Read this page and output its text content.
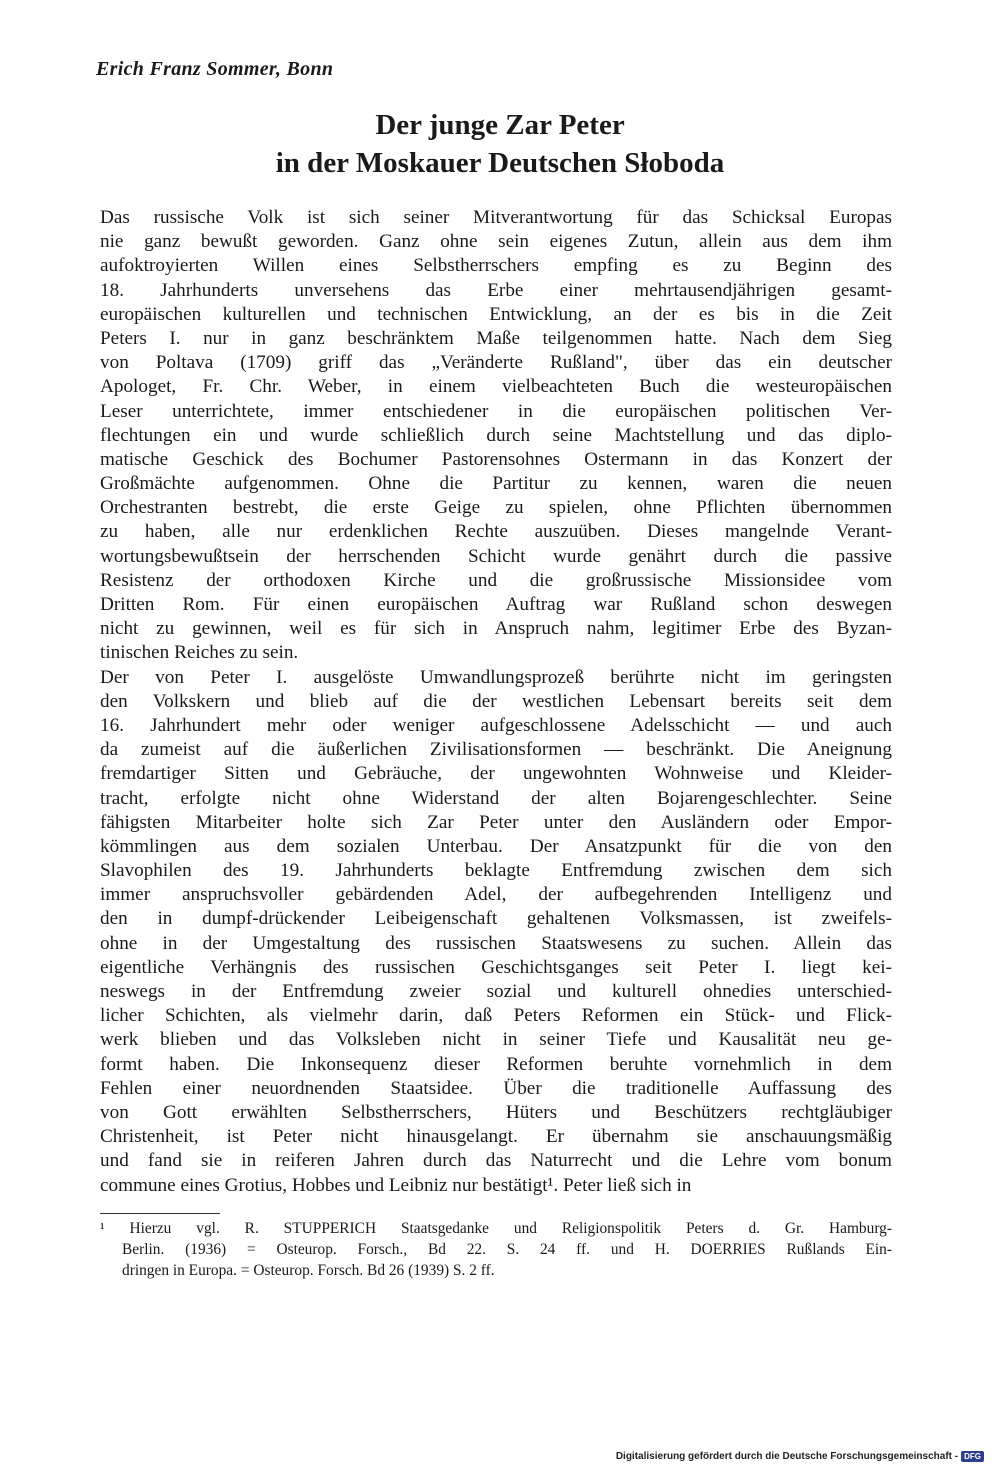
Erich Franz Sommer, Bonn
Der junge Zar Peter
in der Moskauer Deutschen Słoboda
Das russische Volk ist sich seiner Mitverantwortung für das Schicksal Europas
nie ganz bewußt geworden. Ganz ohne sein eigenes Zutun, allein aus dem ihm
aufoktroyierten Willen eines Selbstherrschers empfing es zu Beginn des
18. Jahrhunderts unversehens das Erbe einer mehrtausendjährigen gesamt-
europäischen kulturellen und technischen Entwicklung, an der es bis in die Zeit
Peters I. nur in ganz beschränktem Maße teilgenommen hatte. Nach dem Sieg
von Poltava (1709) griff das „Veränderte Rußland", über das ein deutscher
Apologet, Fr. Chr. Weber, in einem vielbeachteten Buch die westeuropäischen
Leser unterrichtete, immer entschiedener in die europäischen politischen Ver-
flechtungen ein und wurde schließlich durch seine Machtstellung und das diplo-
matische Geschick des Bochumer Pastorensohnes Ostermann in das Konzert der
Großmächte aufgenommen. Ohne die Partitur zu kennen, waren die neuen
Orchestranten bestrebt, die erste Geige zu spielen, ohne Pflichten übernommen
zu haben, alle nur erdenklichen Rechte auszuüben. Dieses mangelnde Verant-
wortungsbewußtsein der herrschenden Schicht wurde genährt durch die passive
Resistenz der orthodoxen Kirche und die großrussische Missionsidee vom
Dritten Rom. Für einen europäischen Auftrag war Rußland schon deswegen
nicht zu gewinnen, weil es für sich in Anspruch nahm, legitimer Erbe des Byzan-
tinischen Reiches zu sein.
Der von Peter I. ausgelöste Umwandlungsprozeß berührte nicht im geringsten
den Volkskern und blieb auf die der westlichen Lebensart bereits seit dem
16. Jahrhundert mehr oder weniger aufgeschlossene Adelsschicht — und auch
da zumeist auf die äußerlichen Zivilisationsformen — beschränkt. Die Aneignung
fremdartiger Sitten und Gebräuche, der ungewohnten Wohnweise und Kleider-
tracht, erfolgte nicht ohne Widerstand der alten Bojarengeschlechter. Seine
fähigsten Mitarbeiter holte sich Zar Peter unter den Ausländern oder Empor-
kömmlingen aus dem sozialen Unterbau. Der Ansatzpunkt für die von den
Slavophilen des 19. Jahrhunderts beklagte Entfremdung zwischen dem sich
immer anspruchsvoller gebärdenden Adel, der aufbegehrenden Intelligenz und
den in dumpf-drückender Leibeigenschaft gehaltenen Volksmassen, ist zweifels-
ohne in der Umgestaltung des russischen Staatswesens zu suchen. Allein das
eigentliche Verhängnis des russischen Geschichtsganges seit Peter I. liegt kei-
neswegs in der Entfremdung zweier sozial und kulturell ohnedies unterschied-
licher Schichten, als vielmehr darin, daß Peters Reformen ein Stück- und Flick-
werk blieben und das Volksleben nicht in seiner Tiefe und Kausalität neu ge-
formt haben. Die Inkonsequenz dieser Reformen beruhte vornehmlich in dem
Fehlen einer neuordnenden Staatsidee. Über die traditionelle Auffassung des
von Gott erwählten Selbstherrschers, Hüters und Beschützers rechtgläubiger
Christenheit, ist Peter nicht hinausgelangt. Er übernahm sie anschauungsmäßig
und fand sie in reiferen Jahren durch das Naturrecht und die Lehre vom bonum
commune eines Grotius, Hobbes und Leibniz nur bestätigt¹. Peter ließ sich in
¹ Hierzu vgl. R. STUPPERICH Staatsgedanke und Religionspolitik Peters d. Gr. Hamburg-
Berlin. (1936) = Osteurop. Forsch., Bd 22. S. 24 ff. und H. DOERRIES Rußlands Ein-
dringen in Europa. = Osteurop. Forsch. Bd 26 (1939) S. 2 ff.
Digitalisierung gefördert durch die Deutsche Forschungsgemeinschaft - DFG
